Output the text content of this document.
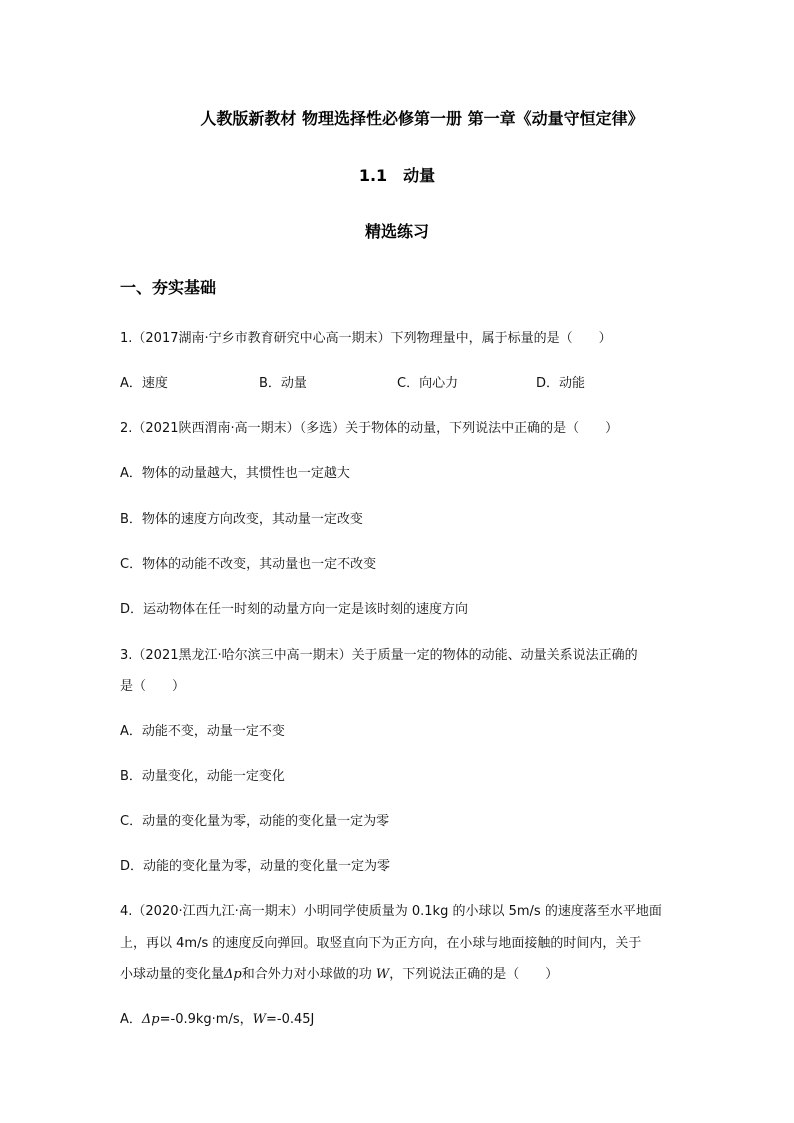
人教版新教材 物理选择性必修第一册 第一章《动量守恒定律》
1.1　动量
精选练习
一、夯实基础
1.（2017湖南·宁乡市教育研究中心高一期末）下列物理量中，属于标量的是（　　）
A．速度	B．动量	C．向心力	D．动能
2.（2021陕西渭南·高一期末）（多选）关于物体的动量，下列说法中正确的是（　　）
A．物体的动量越大，其惯性也一定越大
B．物体的速度方向改变，其动量一定改变
C．物体的动能不改变，其动量也一定不改变
D．运动物体在任一时刻的动量方向一定是该时刻的速度方向
3.（2021黑龙江·哈尔滨三中高一期末）关于质量一定的物体的动能、动量关系说法正确的
是（　　）
A．动能不变，动量一定不变
B．动量变化，动能一定变化
C．动量的变化量为零，动能的变化量一定为零
D．动能的变化量为零，动量的变化量一定为零
4.（2020·江西九江·高一期末）小明同学使质量为 0.1kg 的小球以 5m/s 的速度落至水平地面
上，再以 4m/s 的速度反向弹回。取竖直向下为正方向，在小球与地面接触的时间内，关于
小球动量的变化量Δp和合外力对小球做的功 W，下列说法正确的是（　　）
A．Δp=-0.9kg·m/s，W=-0.45J
